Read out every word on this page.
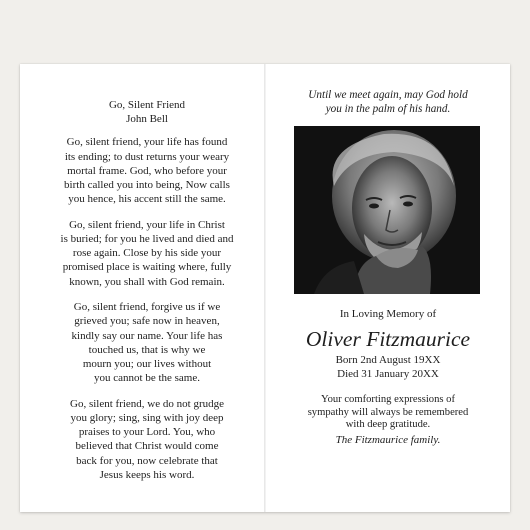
Go, Silent Friend

John Bell

Go, silent friend, your life has found
its ending; to dust returns your weary
mortal frame. God, who before your
birth called you into being, Now calls
you hence, his accent still the same.

Go, silent friend, your life in Christ
is buried; for you he lived and died and
rose again. Close by his side your
promised place is waiting where, fully
known, you shall with God remain.

Go, silent friend, forgive us if we
grieved you; safe now in heaven,
kindly say our name. Your life has
touched us, that is why we
mourn you; our lives without
you cannot be the same.

Go, silent friend, we do not grudge
you glory; sing, sing with joy deep
praises to your Lord. You, who
believed that Christ would come
back for you, now celebrate that
Jesus keeps his word.

Until we meet again, may God hold
you in the palm of his hand.
In Loving Memory of
Oliver Fitzmaurice
Born 2nd August 19XX
Died 31 January 20XX
Your comforting expressions of
sympathy will always be remembered
with deep gratitude.
The Fitzmaurice family.
